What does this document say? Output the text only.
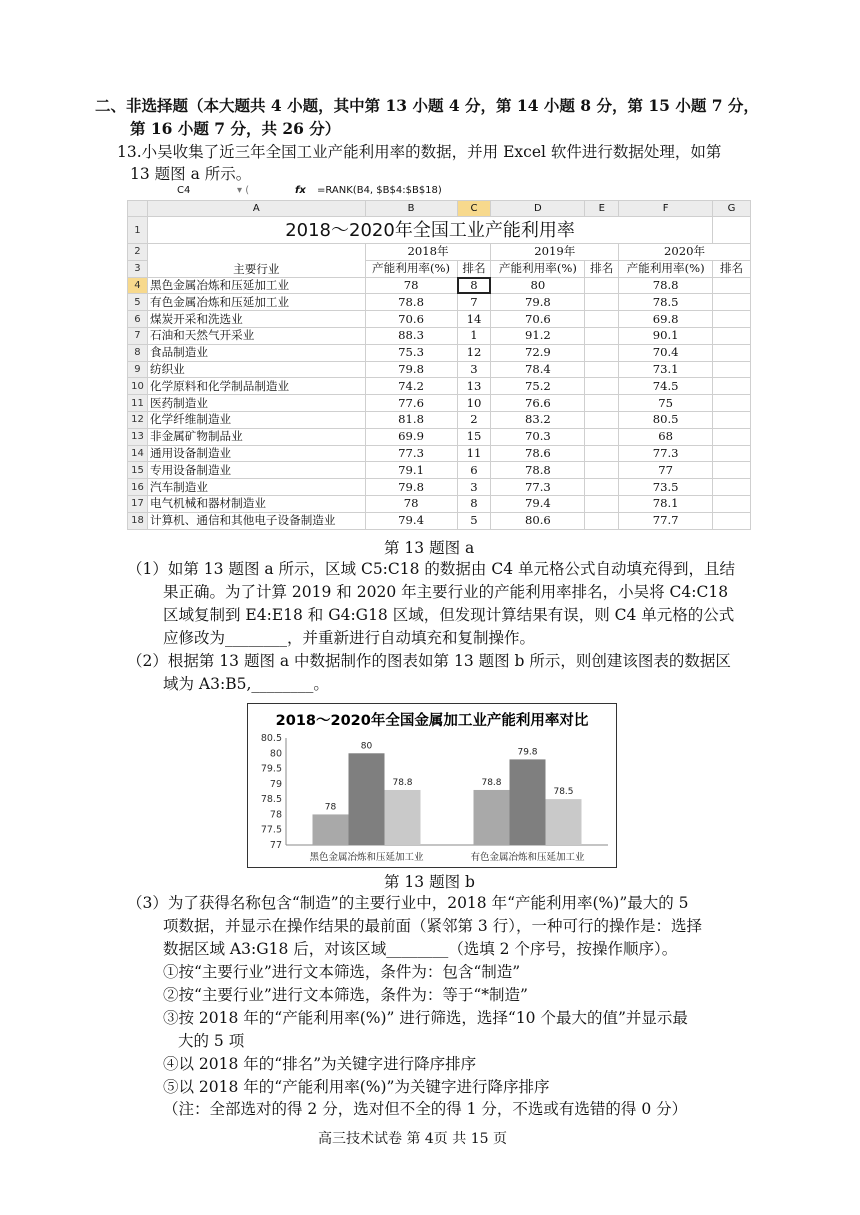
二、非选择题（本大题共 4 小题，其中第 13 小题 4 分，第 14 小题 8 分，第 15 小题 7 分，
第 16 小题 7 分，共 26 分）
13.小吴收集了近三年全国工业产能利用率的数据，并用 Excel 软件进行数据处理，如第
13 题图 a 所示。
C4	▾ (	fx =RANK(B4, $B$4:$B$18)
	A	B	C	D	E	F	G
1	2018～2020年全国工业产能利用率						
2	主要行业	2018年		2019年		2020年	
3		产能利用率(%)	排名	产能利用率(%)	排名	产能利用率(%)	排名
4	黑色金属冶炼和压延加工业	78	8	80		78.8	
5	有色金属冶炼和压延加工业	78.8	7	79.8		78.5	
6	煤炭开采和洗选业	70.6	14	70.6		69.8	
7	石油和天然气开采业	88.3	1	91.2		90.1	
8	食品制造业	75.3	12	72.9		70.4	
9	纺织业	79.8	3	78.4		73.1	
10	化学原料和化学制品制造业	74.2	13	75.2		74.5	
11	医药制造业	77.6	10	76.6		75	
12	化学纤维制造业	81.8	2	83.2		80.5	
13	非金属矿物制品业	69.9	15	70.3		68	
14	通用设备制造业	77.3	11	78.6		77.3	
15	专用设备制造业	79.1	6	78.8		77	
16	汽车制造业	79.8	3	77.3		73.5	
17	电气机械和器材制造业	78	8	79.4		78.1	
18	计算机、通信和其他电子设备制造业	79.4	5	80.6		77.7	
第 13 题图 a
（1）如第 13 题图 a 所示，区域 C5:C18 的数据由 C4 单元格公式自动填充得到，且结
果正确。为了计算 2019 和 2020 年主要行业的产能利用率排名，小吴将 C4:C18
区域复制到 E4:E18 和 G4:G18 区域，但发现计算结果有误，则 C4 单元格的公式
应修改为________，并重新进行自动填充和复制操作。
（2）根据第 13 题图 a 中数据制作的图表如第 13 题图 b 所示，则创建该图表的数据区
域为 A3:B5,________。
2018～2020年全国金属加工业产能利用率对比
80.5
80
79.5
79
78.5
78
77.5
77
78
80
78.8
黑色金属冶炼和压延加工业
78.8
79.8
78.5
有色金属冶炼和压延加工业
第 13 题图 b
（3）为了获得名称包含“制造”的主要行业中，2018 年“产能利用率(%)”最大的 5
项数据，并显示在操作结果的最前面（紧邻第 3 行），一种可行的操作是：选择
数据区域 A3:G18 后，对该区域________（选填 2 个序号，按操作顺序）。
①按“主要行业”进行文本筛选，条件为：包含“制造”
②按“主要行业”进行文本筛选，条件为：等于“*制造”
③按 2018 年的“产能利用率(%)” 进行筛选，选择“10 个最大的值”并显示最
大的 5 项
④以 2018 年的“排名”为关键字进行降序排序
⑤以 2018 年的“产能利用率(%)”为关键字进行降序排序
（注：全部选对的得 2 分，选对但不全的得 1 分，不选或有选错的得 0 分）
高三技术试卷 第 4页 共 15 页
